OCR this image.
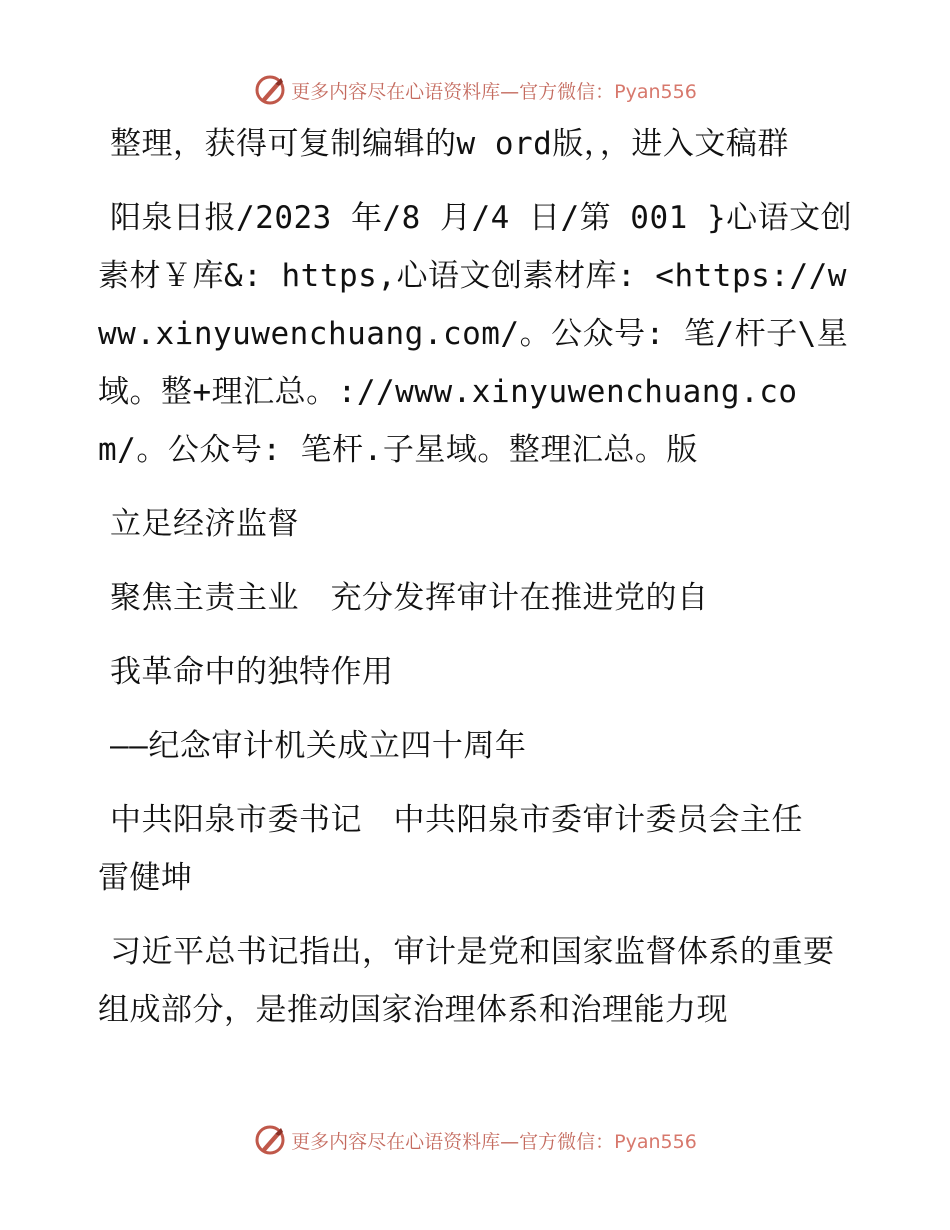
更多内容尽在心语资料库—官方微信：Pyan556

整理，获得可复制编辑的w ord版，，进入文稿群

阳泉日报/2023 年/8 月/4 日/第 001 }心语文创素材￥库&: https,心语文创素材库: <https://www.xinyuwenchuang.com/。公众号: 笔/杆子\星域。整+理汇总。://www.xinyuwenchuang.com/。公众号: 笔杆.子星域。整理汇总。版

立足经济监督

聚焦主责主业　充分发挥审计在推进党的自

我革命中的独特作用

——纪念审计机关成立四十周年

中共阳泉市委书记　中共阳泉市委审计委员会主任　雷健坤

习近平总书记指出，审计是党和国家监督体系的重要组成部分，是推动国家治理体系和治理能力现

更多内容尽在心语资料库—官方微信：Pyan556
